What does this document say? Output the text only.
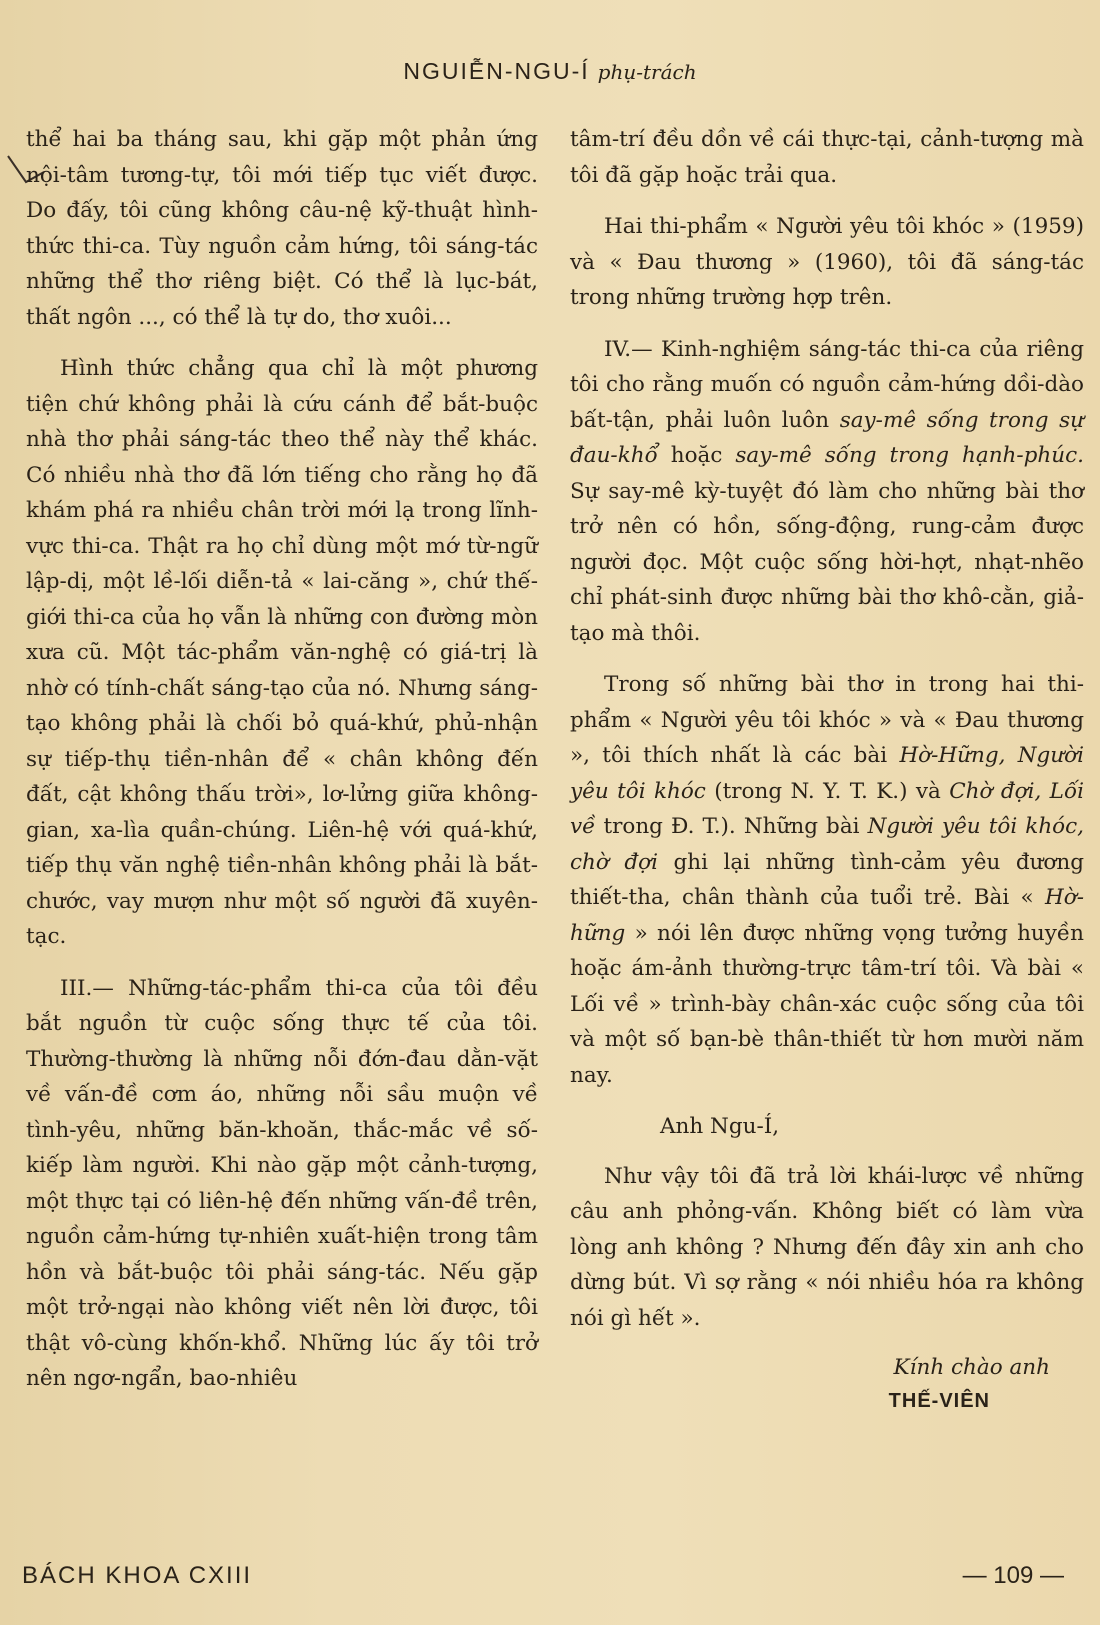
NGUIỄN-NGU-Í phụ-trách

thể hai ba tháng sau, khi gặp một phản ứng nội-tâm tương-tự, tôi mới tiếp tục viết được. Do đấy, tôi cũng không câu-nệ kỹ-thuật hình-thức thi-ca. Tùy nguồn cảm hứng, tôi sáng-tác những thể thơ riêng biệt. Có thể là lục-bát, thất ngôn ..., có thể là tự do, thơ xuôi...

Hình thức chẳng qua chỉ là một phương tiện chứ không phải là cứu cánh để bắt-buộc nhà thơ phải sáng-tác theo thể này thể khác. Có nhiều nhà thơ đã lớn tiếng cho rằng họ đã khám phá ra nhiều chân trời mới lạ trong lĩnh-vực thi-ca. Thật ra họ chỉ dùng một mớ từ-ngữ lập-dị, một lề-lối diễn-tả « lai-căng », chứ thế-giới thi-ca của họ vẫn là những con đường mòn xưa cũ. Một tác-phẩm văn-nghệ có giá-trị là nhờ có tính-chất sáng-tạo của nó. Nhưng sáng-tạo không phải là chối bỏ quá-khứ, phủ-nhận sự tiếp-thụ tiền-nhân để « chân không đến đất, cật không thấu trời», lơ-lửng giữa không-gian, xa-lìa quần-chúng. Liên-hệ với quá-khứ, tiếp thụ văn nghệ tiền-nhân không phải là bắt-chước, vay mượn như một số người đã xuyên-tạc.

III.— Những-tác-phẩm thi-ca của tôi đều bắt nguồn từ cuộc sống thực tế của tôi. Thường-thường là những nỗi đớn-đau dằn-vặt về vấn-đề cơm áo, những nỗi sầu muộn về tình-yêu, những băn-khoăn, thắc-mắc về số-kiếp làm người. Khi nào gặp một cảnh-tượng, một thực tại có liên-hệ đến những vấn-đề trên, nguồn cảm-hứng tự-nhiên xuất-hiện trong tâm hồn và bắt-buộc tôi phải sáng-tác. Nếu gặp một trở-ngại nào không viết nên lời được, tôi thật vô-cùng khốn-khổ. Những lúc ấy tôi trở nên ngơ-ngẩn, bao-nhiêu

tâm-trí đều dồn về cái thực-tại, cảnh-tượng mà tôi đã gặp hoặc trải qua.

Hai thi-phẩm « Người yêu tôi khóc » (1959) và « Đau thương » (1960), tôi đã sáng-tác trong những trường hợp trên.

IV.— Kinh-nghiệm sáng-tác thi-ca của riêng tôi cho rằng muốn có nguồn cảm-hứng dồi-dào bất-tận, phải luôn luôn say-mê sống trong sự đau-khổ hoặc say-mê sống trong hạnh-phúc. Sự say-mê kỳ-tuyệt đó làm cho những bài thơ trở nên có hồn, sống-động, rung-cảm được người đọc. Một cuộc sống hời-hợt, nhạt-nhẽo chỉ phát-sinh được những bài thơ khô-cằn, giả-tạo mà thôi.

Trong số những bài thơ in trong hai thi-phẩm « Người yêu tôi khóc » và « Đau thương », tôi thích nhất là các bài Hờ-Hững, Người yêu tôi khóc (trong N. Y. T. K.) và Chờ đợi, Lối về trong Đ. T.). Những bài Người yêu tôi khóc, chờ đợi ghi lại những tình-cảm yêu đương thiết-tha, chân thành của tuổi trẻ. Bài « Hờ-hững » nói lên được những vọng tưởng huyền hoặc ám-ảnh thường-trực tâm-trí tôi. Và bài « Lối về » trình-bày chân-xác cuộc sống của tôi và một số bạn-bè thân-thiết từ hơn mười năm nay.

Anh Ngu-Í,

Như vậy tôi đã trả lời khái-lược về những câu anh phỏng-vấn. Không biết có làm vừa lòng anh không ? Nhưng đến đây xin anh cho dừng bút. Vì sợ rằng « nói nhiều hóa ra không nói gì hết ».

Kính chào anh

THẾ-VIÊN
BÁCH KHOA CXIII	— 109 —
